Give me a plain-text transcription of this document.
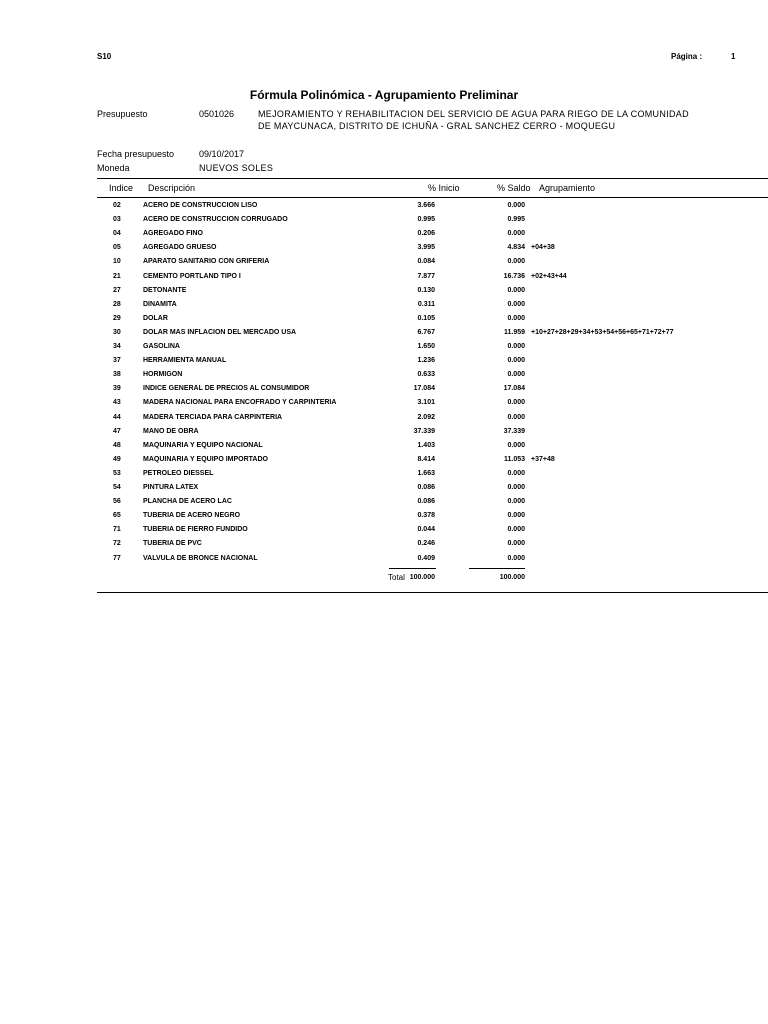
S10	Página :	1
Fórmula Polinómica - Agrupamiento Preliminar
Presupuesto	0501026	MEJORAMIENTO Y REHABILITACION DEL SERVICIO DE AGUA PARA RIEGO DE LA COMUNIDAD
DE MAYCUNACA, DISTRITO DE ICHUÑA - GRAL SANCHEZ CERRO - MOQUEGU
Fecha presupuesto	09/10/2017
Moneda	NUEVOS SOLES
Indice Descripción	% Inicio	% Saldo Agrupamiento
02	ACERO DE CONSTRUCCION LISO	3.666	0.000
03	ACERO DE CONSTRUCCION CORRUGADO	0.995	0.995
04	AGREGADO FINO	0.206	0.000
05	AGREGADO GRUESO	3.995	4.834 +04+38
10	APARATO SANITARIO CON GRIFERIA	0.084	0.000
21	CEMENTO PORTLAND TIPO I	7.877	16.736 +02+43+44
27	DETONANTE	0.130	0.000
28	DINAMITA	0.311	0.000
29	DOLAR	0.105	0.000
30	DOLAR MAS INFLACION DEL MERCADO USA	6.767	11.959 +10+27+28+29+34+53+54+56+65+71+72+77
34	GASOLINA	1.650	0.000
37	HERRAMIENTA MANUAL	1.236	0.000
38	HORMIGON	0.633	0.000
39	INDICE GENERAL DE PRECIOS AL CONSUMIDOR	17.084	17.084
43	MADERA NACIONAL PARA ENCOFRADO Y CARPINTERIA	3.101	0.000
44	MADERA TERCIADA PARA CARPINTERIA	2.092	0.000
47	MANO DE OBRA	37.339	37.339
48	MAQUINARIA Y EQUIPO NACIONAL	1.403	0.000
49	MAQUINARIA Y EQUIPO IMPORTADO	8.414	11.053 +37+48
53	PETROLEO DIESSEL	1.663	0.000
54	PINTURA LATEX	0.086	0.000
56	PLANCHA DE ACERO LAC	0.086	0.000
65	TUBERIA DE ACERO NEGRO	0.378	0.000
71	TUBERIA DE FIERRO FUNDIDO	0.044	0.000
72	TUBERIA DE PVC	0.246	0.000
77	VALVULA DE BRONCE NACIONAL	0.409	0.000
Total 100.000	100.000
